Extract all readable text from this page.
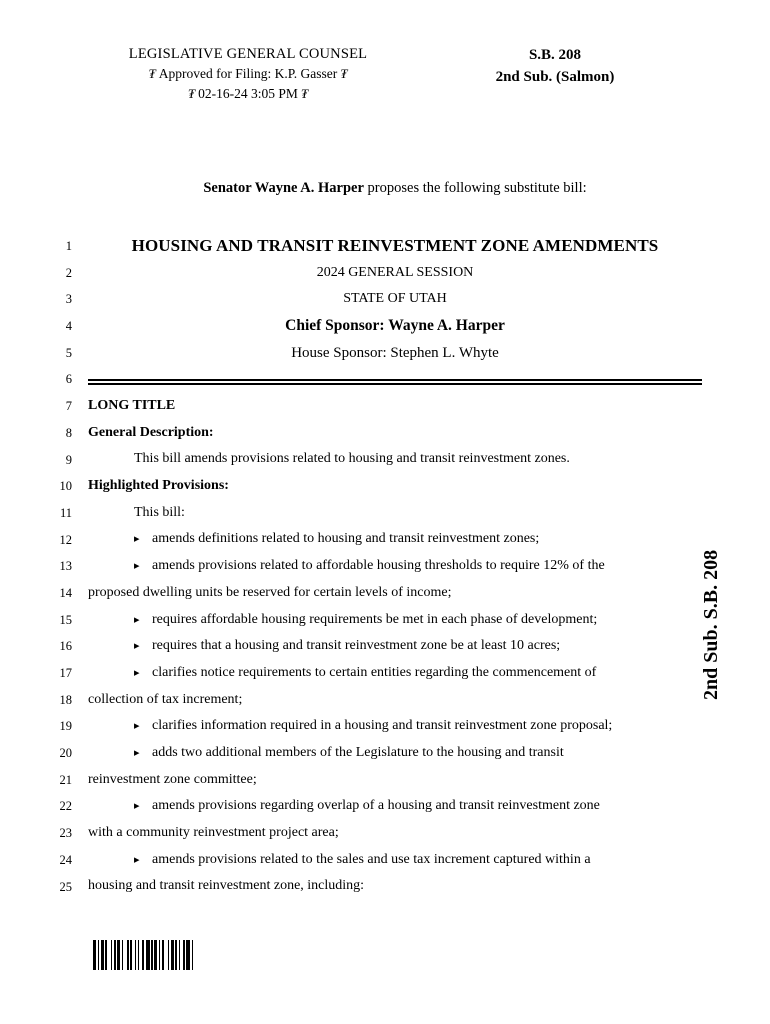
LEGISLATIVE GENERAL COUNSEL
₮ Approved for Filing: K.P. Gasser ₮
₮ 02-16-24 3:05 PM ₮
S.B. 208
2nd Sub. (Salmon)
Senator Wayne A. Harper proposes the following substitute bill:
1
2
3
4
5
6
7
8
9
10
11
12
13
14
15
16
17
18
19
20
21
22
23
24
25
HOUSING AND TRANSIT REINVESTMENT ZONE AMENDMENTS
2024 GENERAL SESSION
STATE OF UTAH
Chief Sponsor: Wayne A. Harper
House Sponsor: Stephen L. Whyte
LONG TITLE
General Description:
This bill amends provisions related to housing and transit reinvestment zones.
Highlighted Provisions:
This bill:
▸ amends definitions related to housing and transit reinvestment zones;
▸ amends provisions related to affordable housing thresholds to require 12% of the
proposed dwelling units be reserved for certain levels of income;
▸ requires affordable housing requirements be met in each phase of development;
▸ requires that a housing and transit reinvestment zone be at least 10 acres;
▸ clarifies notice requirements to certain entities regarding the commencement of
collection of tax increment;
▸ clarifies information required in a housing and transit reinvestment zone proposal;
▸ adds two additional members of the Legislature to the housing and transit
reinvestment zone committee;
▸ amends provisions regarding overlap of a housing and transit reinvestment zone
with a community reinvestment project area;
▸ amends provisions related to the sales and use tax increment captured within a
housing and transit reinvestment zone, including:
2nd Sub. S.B. 208
